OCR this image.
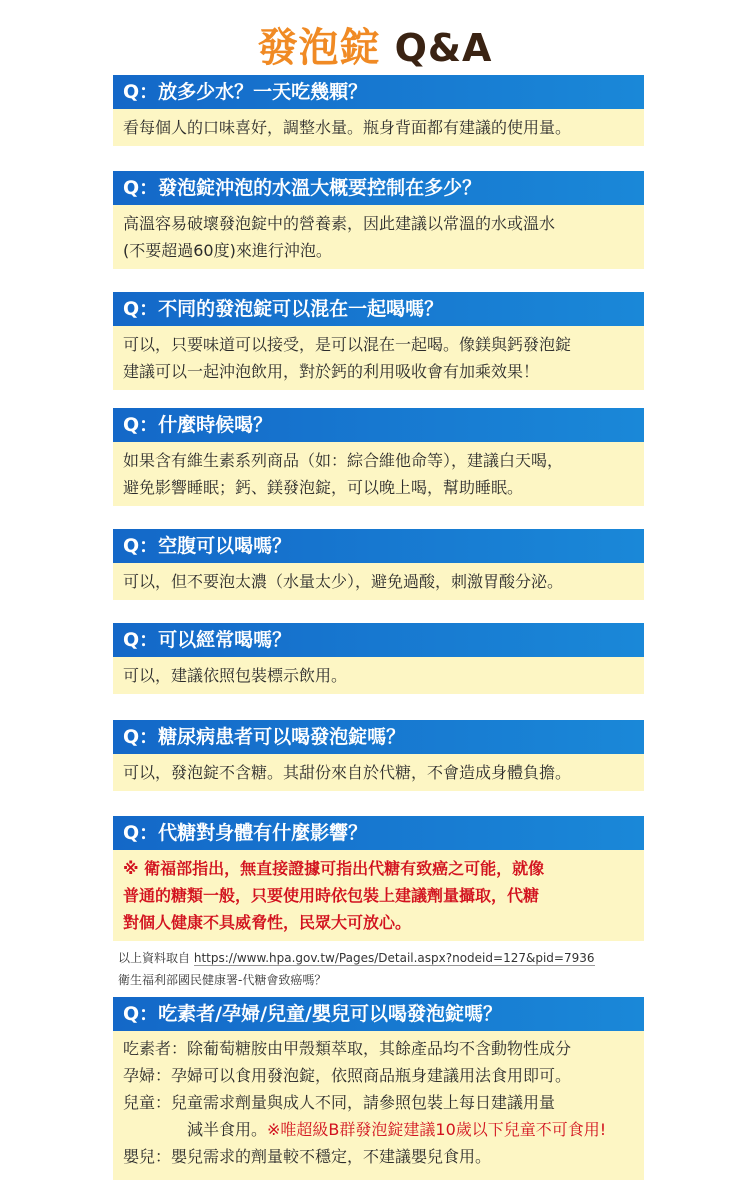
發泡錠 Q&A
Q：放多少水？一天吃幾顆？

看每個人的口味喜好，調整水量。瓶身背面都有建議的使用量。

Q：發泡錠沖泡的水溫大概要控制在多少？

高溫容易破壞發泡錠中的營養素，因此建議以常溫的水或溫水

(不要超過60度)來進行沖泡。

Q：不同的發泡錠可以混在一起喝嗎？

可以，只要味道可以接受，是可以混在一起喝。像鎂與鈣發泡錠

建議可以一起沖泡飲用，對於鈣的利用吸收會有加乘效果！

Q：什麼時候喝？

如果含有維生素系列商品（如：綜合維他命等），建議白天喝，

避免影響睡眠；鈣、鎂發泡錠，可以晚上喝，幫助睡眠。

Q：空腹可以喝嗎？

可以，但不要泡太濃（水量太少），避免過酸，刺激胃酸分泌。

Q：可以經常喝嗎？

可以，建議依照包裝標示飲用。

Q：糖尿病患者可以喝發泡錠嗎？

可以，發泡錠不含糖。其甜份來自於代糖，不會造成身體負擔。

Q：代糖對身體有什麼影響？

※ 衛福部指出，無直接證據可指出代糖有致癌之可能，就像

普通的糖類一般，只要使用時依包裝上建議劑量攝取，代糖

對個人健康不具威脅性，民眾大可放心。

以上資料取自 https://www.hpa.gov.tw/Pages/Detail.aspx?nodeid=127&pid=7936
衛生福利部國民健康署-代糖會致癌嗎？
Q：吃素者/孕婦/兒童/嬰兒可以喝發泡錠嗎？
吃素者： 除葡萄糖胺由甲殼類萃取，其餘產品均不含動物性成分
孕婦： 孕婦可以食用發泡錠，依照商品瓶身建議用法食用即可。
兒童： 兒童需求劑量與成人不同，請參照包裝上每日建議用量
減半食用。※唯超級B群發泡錠建議10歲以下兒童不可食用!
嬰兒： 嬰兒需求的劑量較不穩定，不建議嬰兒食用。
